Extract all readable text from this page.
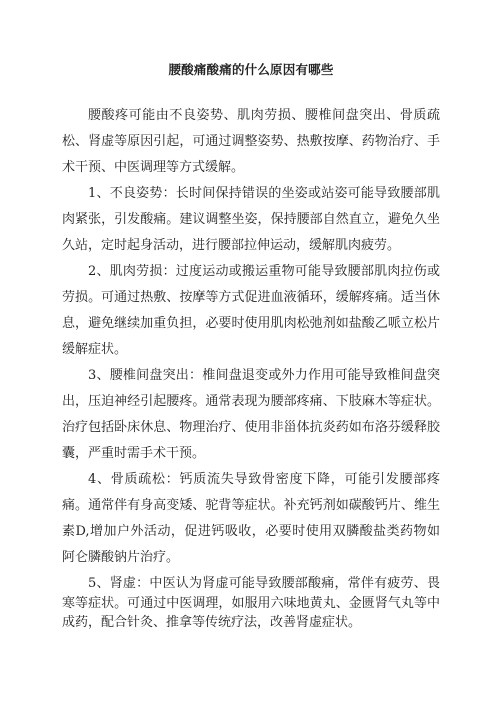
腰酸痛酸痛的什么原因有哪些

腰酸疼可能由不良姿势、肌肉劳损、腰椎间盘突出、骨质疏松、肾虚等原因引起，可通过调整姿势、热敷按摩、药物治疗、手术干预、中医调理等方式缓解。

1、不良姿势：长时间保持错误的坐姿或站姿可能导致腰部肌肉紧张，引发酸痛。建议调整坐姿，保持腰部自然直立，避免久坐久站，定时起身活动，进行腰部拉伸运动，缓解肌肉疲劳。

2、肌肉劳损：过度运动或搬运重物可能导致腰部肌肉拉伤或劳损。可通过热敷、按摩等方式促进血液循环，缓解疼痛。适当休息，避免继续加重负担，必要时使用肌肉松弛剂如盐酸乙哌立松片缓解症状。

3、腰椎间盘突出：椎间盘退变或外力作用可能导致椎间盘突出，压迫神经引起腰疼。通常表现为腰部疼痛、下肢麻木等症状。治疗包括卧床休息、物理治疗、使用非甾体抗炎药如布洛芬缓释胶囊，严重时需手术干预。

4、骨质疏松：钙质流失导致骨密度下降，可能引发腰部疼痛。通常伴有身高变矮、驼背等症状。补充钙剂如碳酸钙片、维生素D,增加户外活动，促进钙吸收，必要时使用双膦酸盐类药物如阿仑膦酸钠片治疗。

5、肾虚：中医认为肾虚可能导致腰部酸痛，常伴有疲劳、畏寒等症状。可通过中医调理，如服用六味地黄丸、金匮肾气丸等中成药，配合针灸、推拿等传统疗法，改善肾虚症状。
